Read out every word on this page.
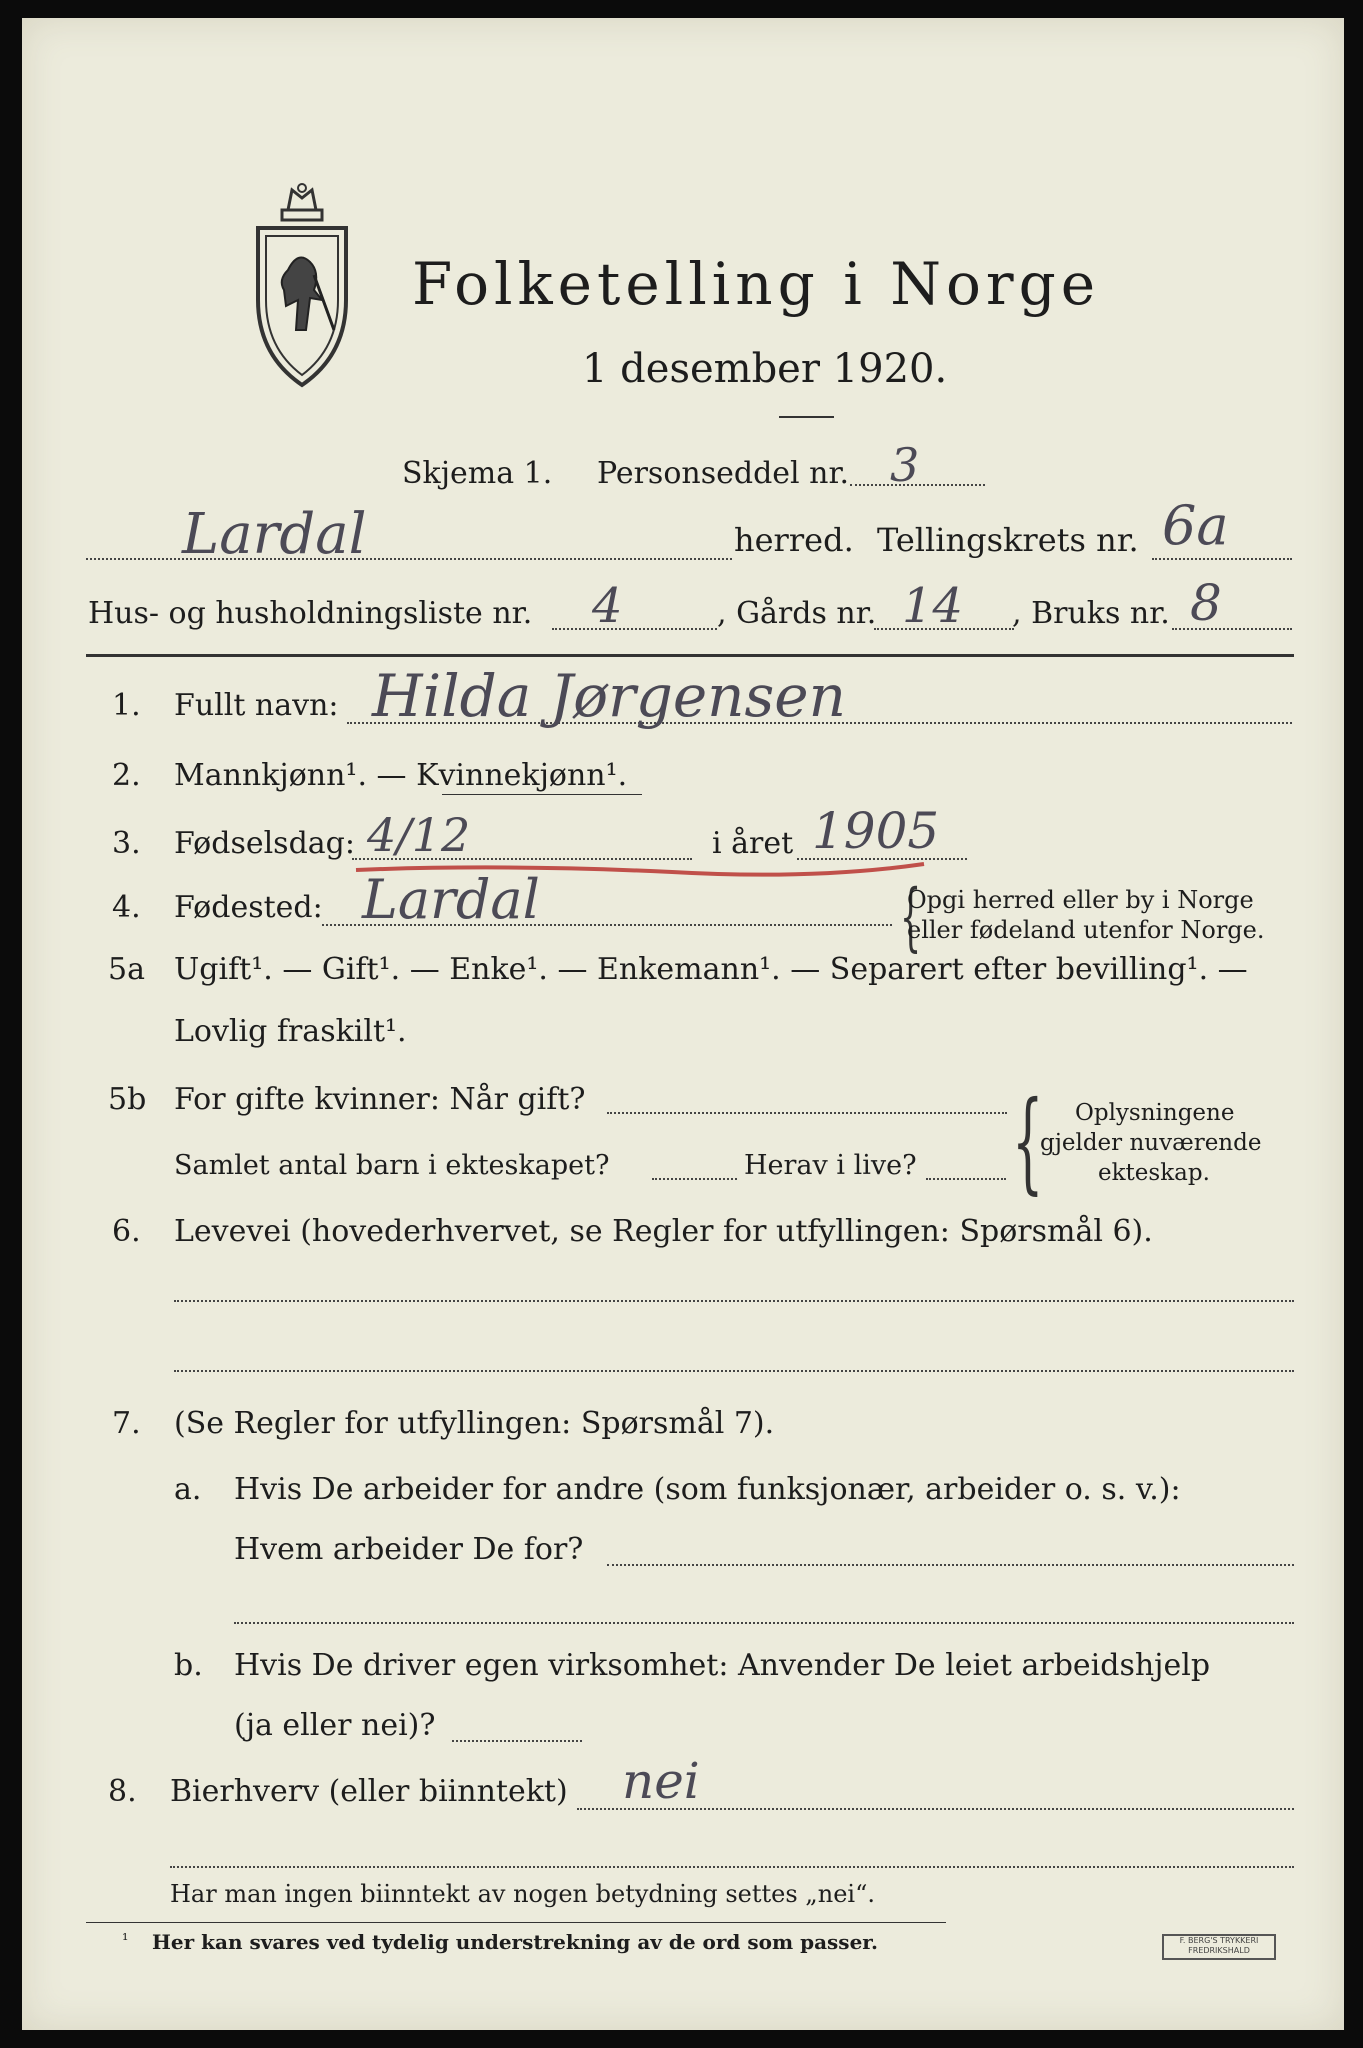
Folketelling i Norge
1 desember 1920.
Skjema 1. Personseddel nr. 3
Lardal	herred. Tellingskrets nr. 6a
Hus- og husholdningsliste nr. 4	, Gårds nr. 14 , Bruks nr. 8
1. Fullt navn: Hilda Jørgensen
2. Mannkjønn¹. — Kvinnekjønn¹.
3. Fødselsdag: 4/12	i året 1905
4. Fødested: Lardal	{
Opgi herred eller by i Norge
eller fødeland utenfor Norge.
5a Ugift¹. — Gift¹. — Enke¹. — Enkemann¹. — Separert efter bevilling¹. —
Lovlig fraskilt¹.
5b For gifte kvinner: Når gift?
Samlet antal barn i ekteskapet?	Herav i live? { Oplysningene
gjelder nuværende
ekteskap.
6. Levevei (hovederhvervet, se Regler for utfyllingen: Spørsmål 6).
7. (Se Regler for utfyllingen: Spørsmål 7).
a. Hvis De arbeider for andre (som funksjonær, arbeider o. s. v.):
Hvem arbeider De for?
b. Hvis De driver egen virksomhet: Anvender De leiet arbeidshjelp
(ja eller nei)?
8. Bierhverv (eller biinntekt) nei
Har man ingen biinntekt av nogen betydning settes „nei“.
¹ Her kan svares ved tydelig understrekning av de ord som passer.	F. BERG'S TRYKKERI
FREDRIKSHALD
